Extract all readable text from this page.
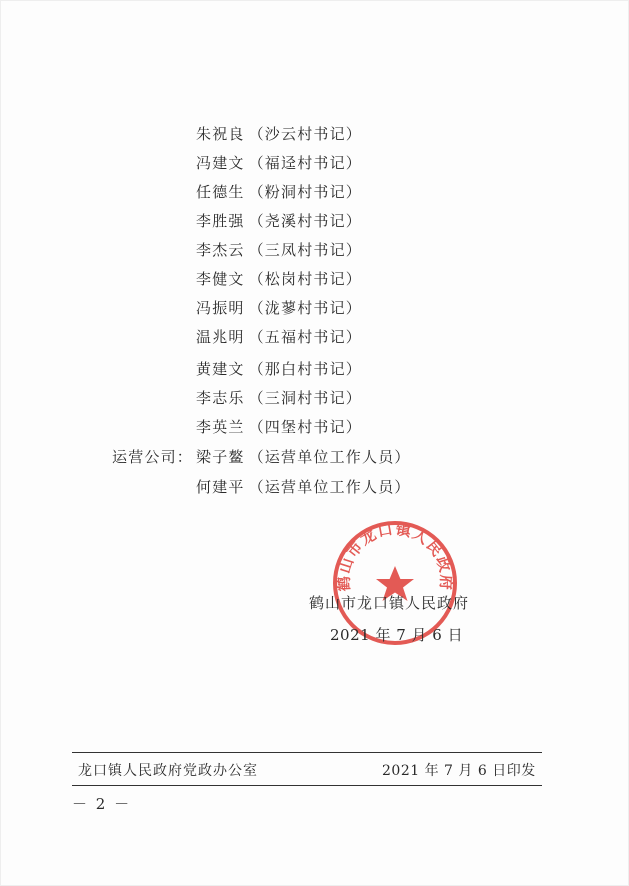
朱祝良 （沙云村书记）
冯建文 （福迳村书记）
任德生 （粉洞村书记）
李胜强 （尧溪村书记）
李杰云 （三凤村书记）
李健文 （松岗村书记）
冯振明 （泷蓼村书记）
温兆明 （五福村书记）
黄建文 （那白村书记）
李志乐 （三洞村书记）
李英兰 （四堡村书记）
运营公司： 梁子鳌 （运营单位工作人员）
何建平 （运营单位工作人员）
鹤山市龙口镇人民政府
鹤山市龙口镇人民政府
2021 年 7 月 6 日
龙口镇人民政府党政办公室	2021 年 7 月 6 日印发
－ 2 －
